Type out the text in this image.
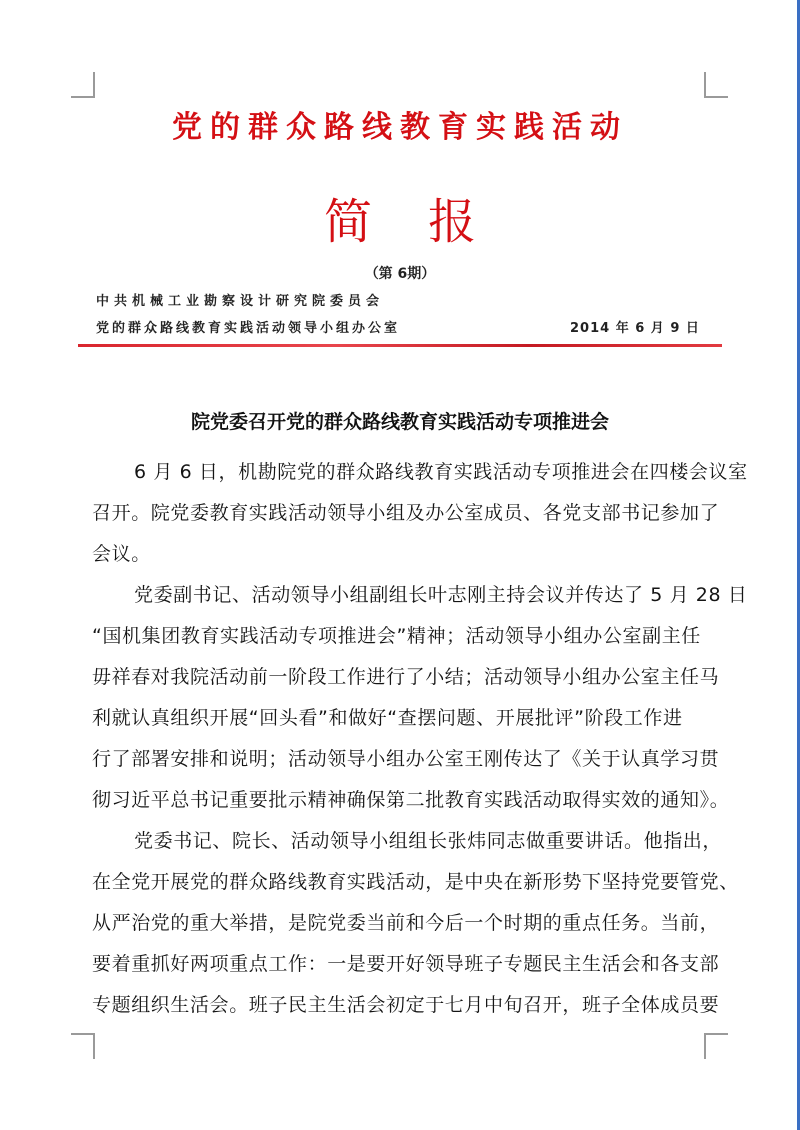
党的群众路线教育实践活动
简报
（第 6期）
中共机械工业勘察设计研究院委员会
党的群众路线教育实践活动领导小组办公室	2014 年 6 月 9 日
院党委召开党的群众路线教育实践活动专项推进会
6 月 6 日，机勘院党的群众路线教育实践活动专项推进会在四楼会议室
召开。院党委教育实践活动领导小组及办公室成员、各党支部书记参加了
会议。
党委副书记、活动领导小组副组长叶志刚主持会议并传达了 5 月 28 日
“国机集团教育实践活动专项推进会”精神；活动领导小组办公室副主任
毋祥春对我院活动前一阶段工作进行了小结；活动领导小组办公室主任马
利就认真组织开展“回头看”和做好“查摆问题、开展批评”阶段工作进
行了部署安排和说明；活动领导小组办公室王刚传达了《关于认真学习贯
彻习近平总书记重要批示精神确保第二批教育实践活动取得实效的通知》。
党委书记、院长、活动领导小组组长张炜同志做重要讲话。他指出，
在全党开展党的群众路线教育实践活动，是中央在新形势下坚持党要管党、
从严治党的重大举措，是院党委当前和今后一个时期的重点任务。当前，
要着重抓好两项重点工作：一是要开好领导班子专题民主生活会和各支部
专题组织生活会。班子民主生活会初定于七月中旬召开，班子全体成员要
